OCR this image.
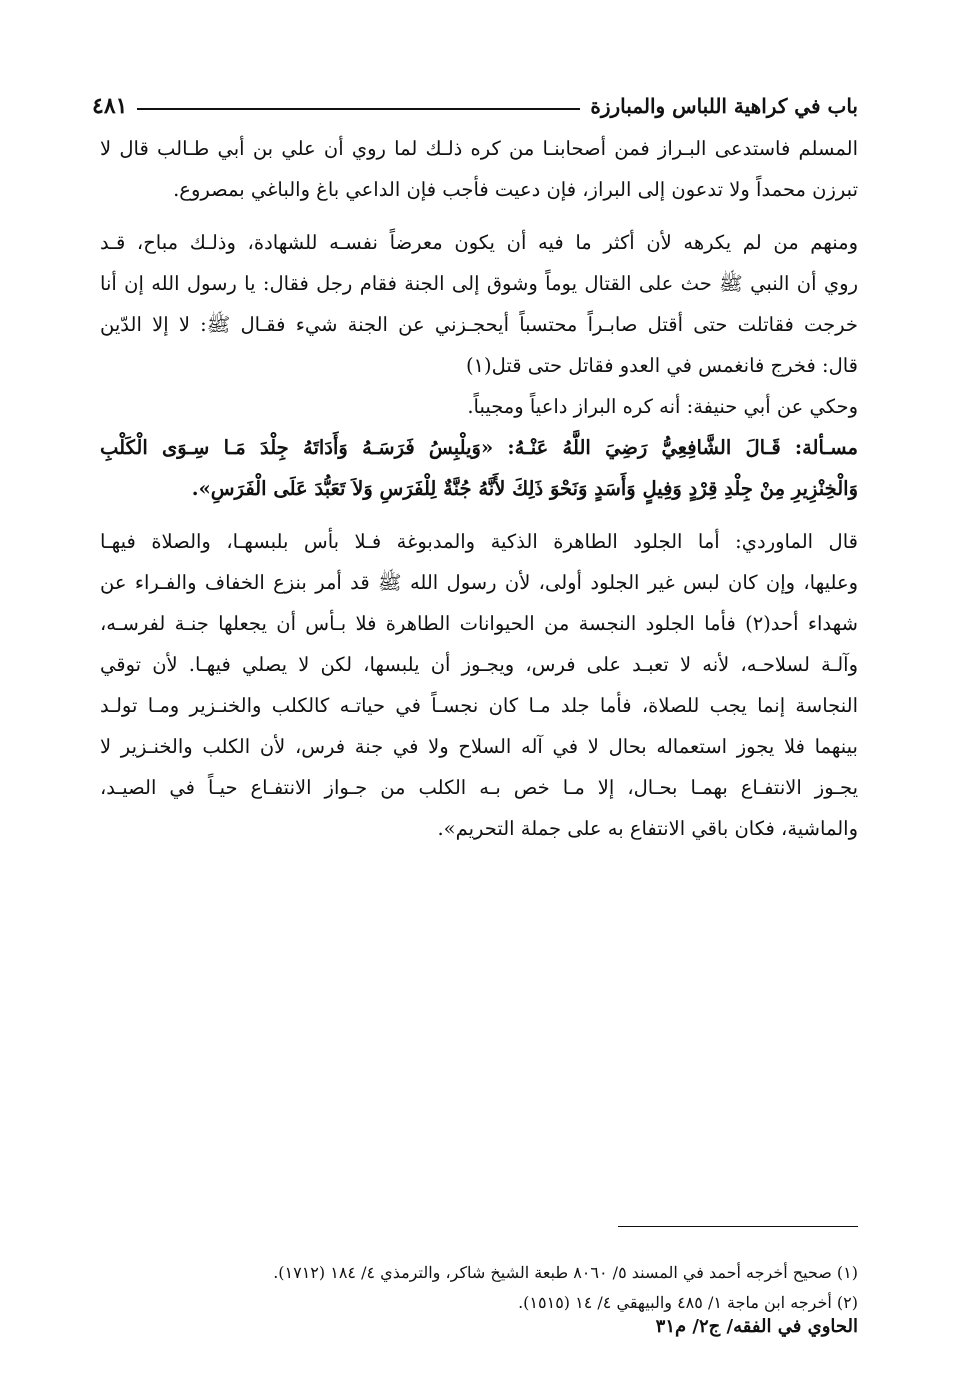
باب في كراهية اللباس والمبارزة
٤٨١
المسلم فاستدعى البـراز فمن أصحابنـا من كره ذلـك لما روي أن علي بن أبي طـالب قال لا
تبرزن محمداً ولا تدعون إلى البراز، فإن دعيت فأجب فإن الداعي باغ والباغي بمصروع.
ومنهم من لم يكرهه لأن أكثر ما فيه أن يكون معرضاً نفسـه للشهادة، وذلـك مباح، قـد
روي أن النبي ﷺ حث على القتال يوماً وشوق إلى الجنة فقام رجل فقال: يا رسول الله إن أنا
خرجت فقاتلت حتى أقتل صابـراً محتسباً أيحجـزني عن الجنة شيء فقـال ﷺ: لا إلا الدّين
قال: فخرج فانغمس في العدو فقاتل حتى قتل(١)
وحكي عن أبي حنيفة: أنه كره البراز داعياً ومجيباً.
مسـألة: قَـالَ الشَّافِعِيُّ رَضِيَ اللَّهُ عَنْـهُ: «وَيلْبِسُ فَرَسَـهُ وَأَدَاتَهُ جِلْدَ مَـا سِـوَى الْكَلْبِ
وَالْخِنْزِيرِ مِنْ جِلْدِ قِرْدٍ وَفِيلٍ وَأَسَدٍ وَنَحْوَ ذَلِكَ لأَنَّهُ جُنَّةٌ لِلْفَرَسِ وَلاَ تَعَبُّدَ عَلَى الْفَرَسِ».
قال الماوردي: أما الجلود الطاهرة الذكية والمدبوغة فـلا بأس بلبسهـا، والصلاة فيهـا
وعليها، وإن كان لبس غير الجلود أولى، لأن رسول الله ﷺ قد أمر بنزع الخفاف والفـراء عن
شهداء أحد(٢) فأما الجلود النجسة من الحيوانات الطاهرة فلا بـأس أن يجعلها جنـة لفرسـه،
وآلـة لسلاحـه، لأنه لا تعبـد على فرس، ويجـوز أن يلبسها، لكن لا يصلي فيهـا. لأن توقي
النجاسة إنما يجب للصلاة، فأما جلد مـا كان نجسـاً في حياتـه كالكلب والخنـزير ومـا تولـد
بينهما فلا يجوز استعماله بحال لا في آله السلاح ولا في جنة فرس، لأن الكلب والخنـزير لا
يجـوز الانتفـاع بهمـا بحـال، إلا مـا خص بـه الكلب من جـواز الانتفـاع حيـاً في الصيـد،
والماشية، فكان باقي الانتفاع به على جملة التحريم».
(١) صحيح أخرجه أحمد في المسند ٥/ ٨٠٦٠ طبعة الشيخ شاكر، والترمذي ٤/ ١٨٤ (١٧١٢).
(٢) أخرجه ابن ماجة ١/ ٤٨٥ والبيهقي ٤/ ١٤ (١٥١٥).
الحاوي في الفقه/ ج٢/ م٣١
